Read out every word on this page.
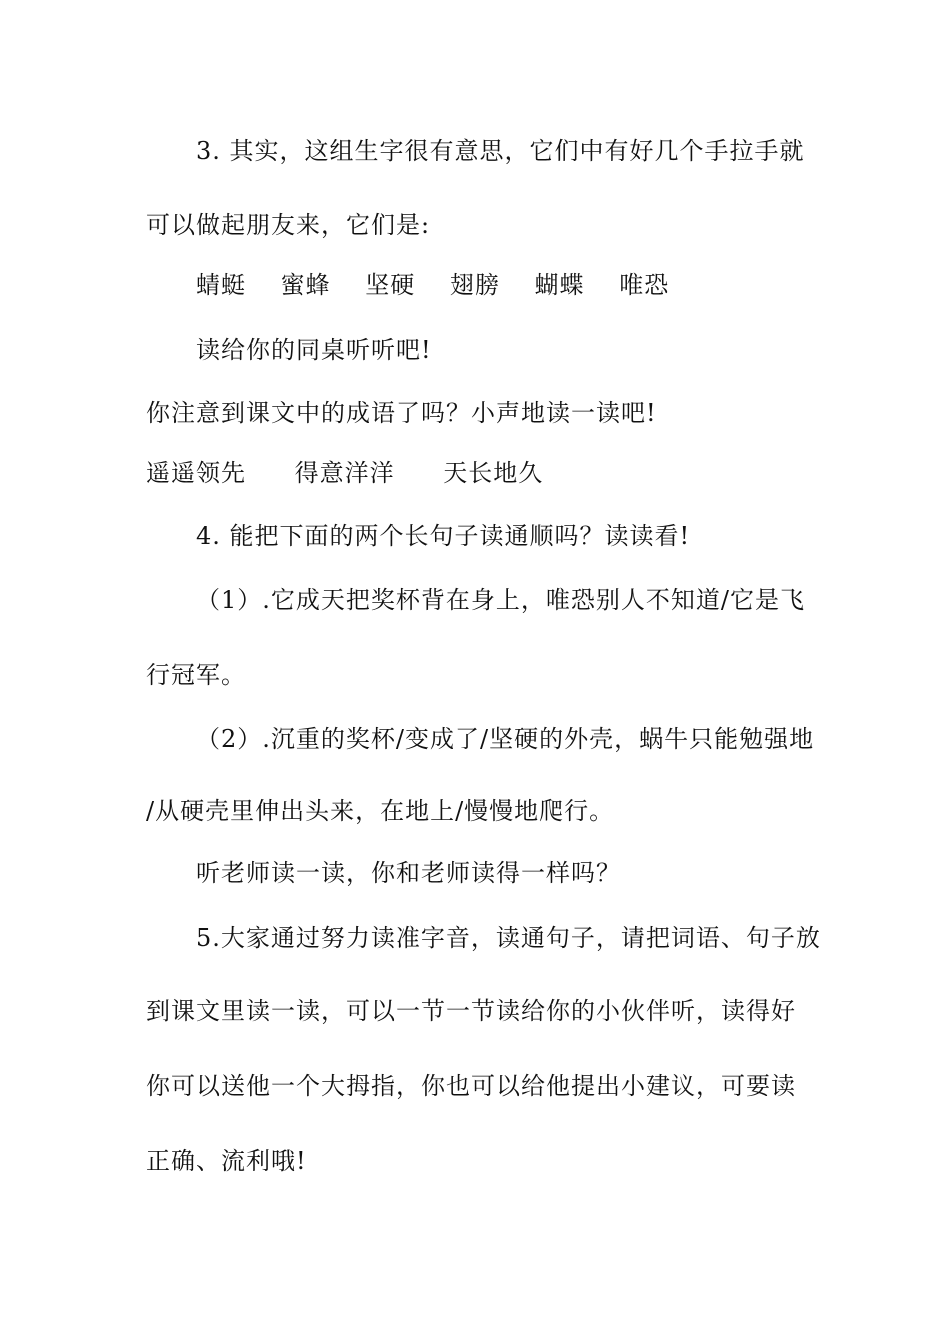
3. 其实，这组生字很有意思，它们中有好几个手拉手就
可以做起朋友来，它们是:
蜻蜓 蜜蜂 坚硬 翅膀 蝴蝶 唯恐
读给你的同桌听听吧!
你注意到课文中的成语了吗？小声地读一读吧!
遥遥领先 得意洋洋 天长地久
4. 能把下面的两个长句子读通顺吗？读读看!
（1）.它成天把奖杯背在身上，唯恐别人不知道/它是飞
行冠军。
（2）.沉重的奖杯/变成了/坚硬的外壳，蜗牛只能勉强地
/从硬壳里伸出头来，在地上/慢慢地爬行。
听老师读一读，你和老师读得一样吗？
5.大家通过努力读准字音，读通句子，请把词语、句子放
到课文里读一读，可以一节一节读给你的小伙伴听，读得好
你可以送他一个大拇指，你也可以给他提出小建议，可要读
正确、流利哦!
